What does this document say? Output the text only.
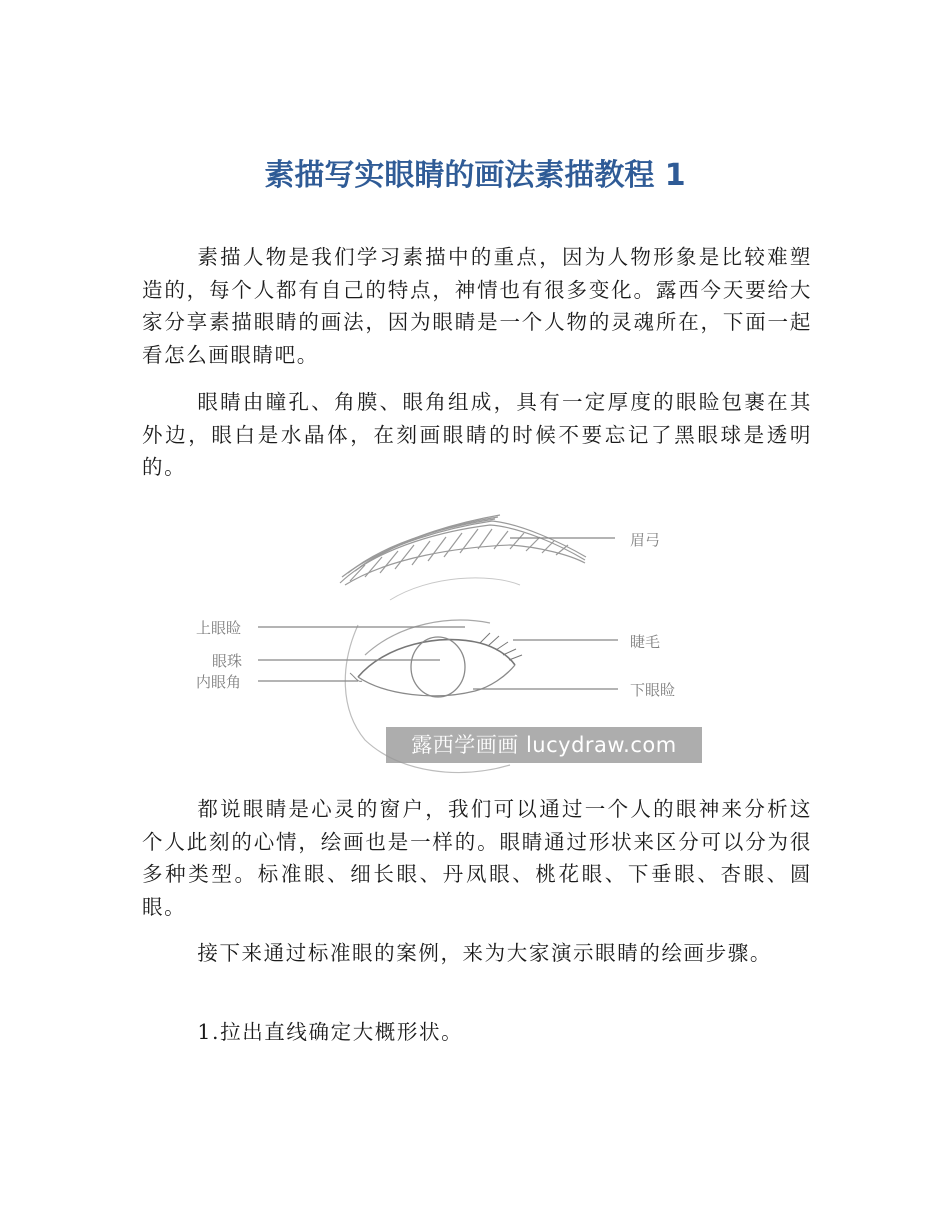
素描写实眼睛的画法素描教程 1

素描人物是我们学习素描中的重点，因为人物形象是比较难塑造的，每个人都有自己的特点，神情也有很多变化。露西今天要给大家分享素描眼睛的画法，因为眼睛是一个人物的灵魂所在，下面一起看怎么画眼睛吧。

眼睛由瞳孔、角膜、眼角组成，具有一定厚度的眼睑包裹在其外边，眼白是水晶体，在刻画眼睛的时候不要忘记了黑眼球是透明的。

眉弓
上眼睑
睫毛
眼珠
内眼角	下眼睑
露西学画画 lucydraw.com

都说眼睛是心灵的窗户，我们可以通过一个人的眼神来分析这个人此刻的心情，绘画也是一样的。眼睛通过形状来区分可以分为很多种类型。标准眼、细长眼、丹凤眼、桃花眼、下垂眼、杏眼、圆眼。

接下来通过标准眼的案例，来为大家演示眼睛的绘画步骤。

1.拉出直线确定大概形状。
